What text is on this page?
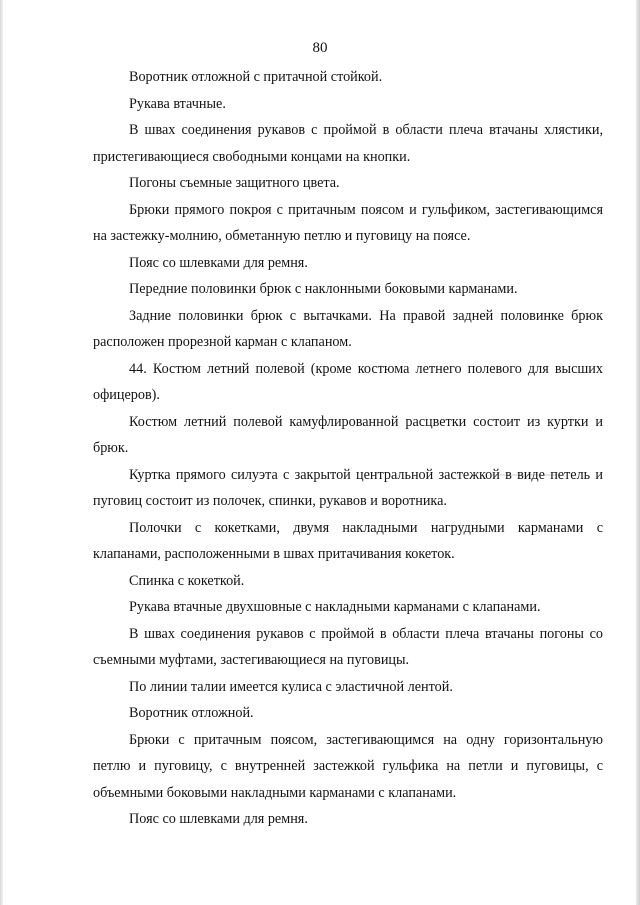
80

Воротник отложной с притачной стойкой.

Рукава втачные.

В швах соединения рукавов с проймой в области плеча втачаны хлястики, пристегивающиеся свободными концами на кнопки.

Погоны съемные защитного цвета.

Брюки прямого покроя с притачным поясом и гульфиком, застегивающимся на застежку-молнию, обметанную петлю и пуговицу на поясе.

Пояс со шлевками для ремня.

Передние половинки брюк с наклонными боковыми карманами.

Задние половинки брюк с вытачками. На правой задней половинке брюк расположен прорезной карман с клапаном.

44. Костюм летний полевой (кроме костюма летнего полевого для высших офицеров).

Костюм летний полевой камуфлированной расцветки состоит из куртки и брюк.

Куртка прямого силуэта с закрытой центральной застежкой в виде петель и пуговиц состоит из полочек, спинки, рукавов и воротника.

Полочки с кокетками, двумя накладными нагрудными карманами с клапанами, расположенными в швах притачивания кокеток.

Спинка с кокеткой.

Рукава втачные двухшовные с накладными карманами с клапанами.

В швах соединения рукавов с проймой в области плеча втачаны погоны со съемными муфтами, застегивающиеся на пуговицы.

По линии талии имеется кулиса с эластичной лентой.

Воротник отложной.

Брюки с притачным поясом, застегивающимся на одну горизонтальную петлю и пуговицу, с внутренней застежкой гульфика на петли и пуговицы, с объемными боковыми накладными карманами с клапанами.

Пояс со шлевками для ремня.
